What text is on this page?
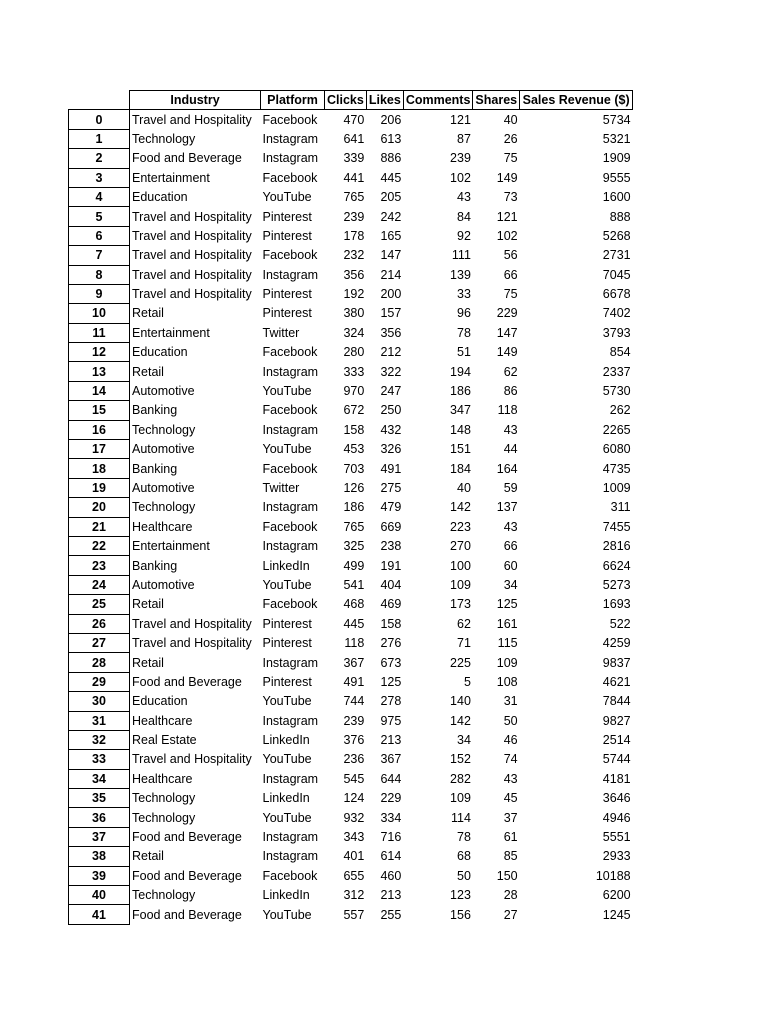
	Industry	Platform	Clicks	Likes	Comments	Shares	Sales Revenue ($)
0	Travel and Hospitality	Facebook	470	206	121	40	5734
1	Technology	Instagram	641	613	87	26	5321
2	Food and Beverage	Instagram	339	886	239	75	1909
3	Entertainment	Facebook	441	445	102	149	9555
4	Education	YouTube	765	205	43	73	1600
5	Travel and Hospitality	Pinterest	239	242	84	121	888
6	Travel and Hospitality	Pinterest	178	165	92	102	5268
7	Travel and Hospitality	Facebook	232	147	111	56	2731
8	Travel and Hospitality	Instagram	356	214	139	66	7045
9	Travel and Hospitality	Pinterest	192	200	33	75	6678
10	Retail	Pinterest	380	157	96	229	7402
11	Entertainment	Twitter	324	356	78	147	3793
12	Education	Facebook	280	212	51	149	854
13	Retail	Instagram	333	322	194	62	2337
14	Automotive	YouTube	970	247	186	86	5730
15	Banking	Facebook	672	250	347	118	262
16	Technology	Instagram	158	432	148	43	2265
17	Automotive	YouTube	453	326	151	44	6080
18	Banking	Facebook	703	491	184	164	4735
19	Automotive	Twitter	126	275	40	59	1009
20	Technology	Instagram	186	479	142	137	311
21	Healthcare	Facebook	765	669	223	43	7455
22	Entertainment	Instagram	325	238	270	66	2816
23	Banking	LinkedIn	499	191	100	60	6624
24	Automotive	YouTube	541	404	109	34	5273
25	Retail	Facebook	468	469	173	125	1693
26	Travel and Hospitality	Pinterest	445	158	62	161	522
27	Travel and Hospitality	Pinterest	118	276	71	115	4259
28	Retail	Instagram	367	673	225	109	9837
29	Food and Beverage	Pinterest	491	125	5	108	4621
30	Education	YouTube	744	278	140	31	7844
31	Healthcare	Instagram	239	975	142	50	9827
32	Real Estate	LinkedIn	376	213	34	46	2514
33	Travel and Hospitality	YouTube	236	367	152	74	5744
34	Healthcare	Instagram	545	644	282	43	4181
35	Technology	LinkedIn	124	229	109	45	3646
36	Technology	YouTube	932	334	114	37	4946
37	Food and Beverage	Instagram	343	716	78	61	5551
38	Retail	Instagram	401	614	68	85	2933
39	Food and Beverage	Facebook	655	460	50	150	10188
40	Technology	LinkedIn	312	213	123	28	6200
41	Food and Beverage	YouTube	557	255	156	27	1245
